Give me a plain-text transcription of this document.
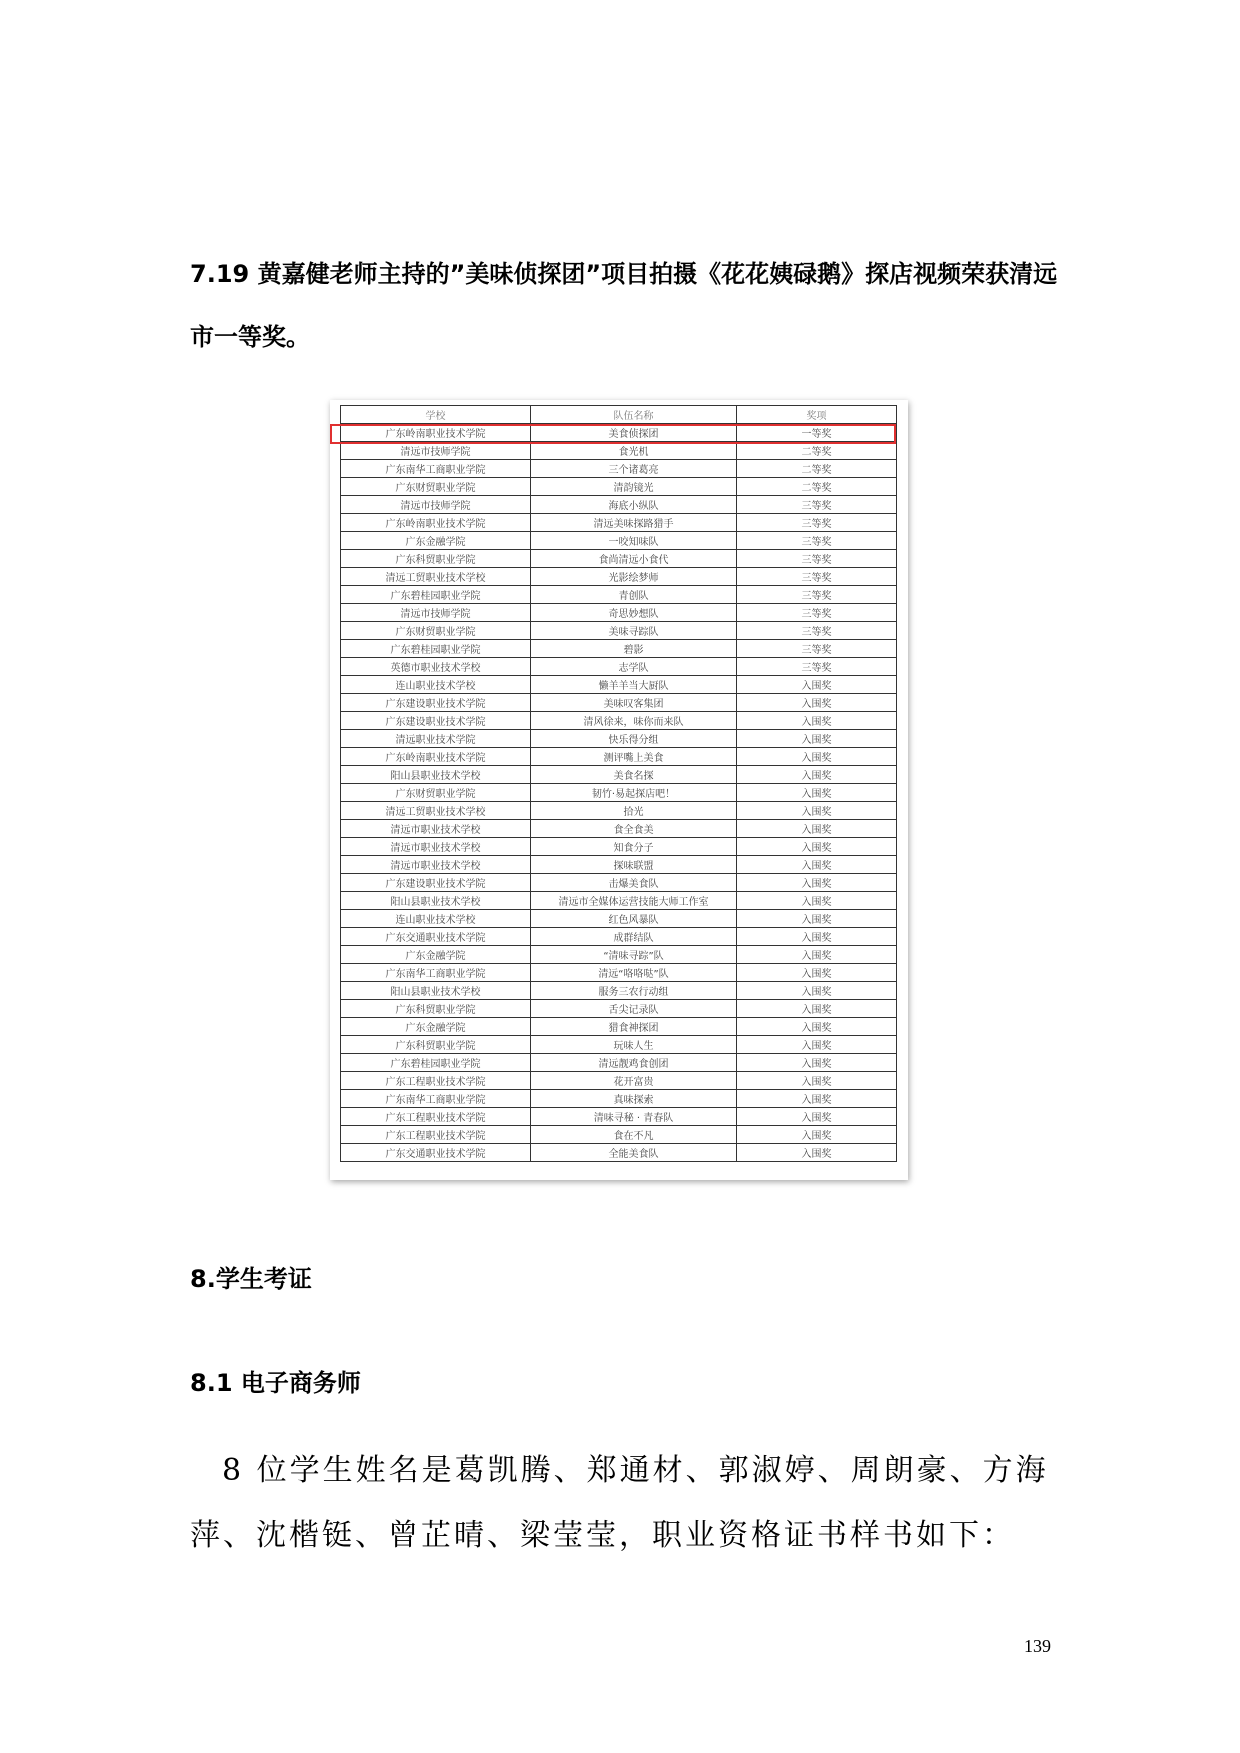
7.19 黄嘉健老师主持的”美味侦探团”项目拍摄《花花姨碌鹅》探店视频荣获清远市一等奖。
学校	队伍名称	奖项
广东岭南职业技术学院	美食侦探团	一等奖
清远市技师学院	食光机	二等奖
广东南华工商职业学院	三个诸葛亮	二等奖
广东财贸职业学院	清韵镜光	二等奖
清远市技师学院	海底小纵队	三等奖
广东岭南职业技术学院	清远美味探路猎手	三等奖
广东金融学院	一咬知味队	三等奖
广东科贸职业学院	食尚清远小食代	三等奖
清远工贸职业技术学校	光影绘梦师	三等奖
广东碧桂园职业学院	青创队	三等奖
清远市技师学院	奇思妙想队	三等奖
广东财贸职业学院	美味寻踪队	三等奖
广东碧桂园职业学院	碧影	三等奖
英德市职业技术学校	志学队	三等奖
连山职业技术学校	懒羊羊当大厨队	入围奖
广东建设职业技术学院	美味叹客集团	入围奖
广东建设职业技术学院	清风徐来，味你而来队	入围奖
清远职业技术学院	快乐得分组	入围奖
广东岭南职业技术学院	测评嘴上美食	入围奖
阳山县职业技术学校	美食名探	入围奖
广东财贸职业学院	韧竹·易起探店吧！	入围奖
清远工贸职业技术学校	拾光	入围奖
清远市职业技术学校	食全食美	入围奖
清远市职业技术学校	知食分子	入围奖
清远市职业技术学校	探味联盟	入围奖
广东建设职业技术学院	击爆美食队	入围奖
阳山县职业技术学校	清远市全媒体运营技能大师工作室	入围奖
连山职业技术学校	红色风暴队	入围奖
广东交通职业技术学院	成群结队	入围奖
广东金融学院	“清味寻踪”队	入围奖
广东南华工商职业学院	清远“咯咯哒”队	入围奖
阳山县职业技术学校	服务三农行动组	入围奖
广东科贸职业学院	舌尖记录队	入围奖
广东金融学院	猎食神探团	入围奖
广东科贸职业学院	玩味人生	入围奖
广东碧桂园职业学院	清远靓鸡食创团	入围奖
广东工程职业技术学院	花开富贵	入围奖
广东南华工商职业学院	真味探索	入围奖
广东工程职业技术学院	清味寻秘 · 青春队	入围奖
广东工程职业技术学院	食在不凡	入围奖
广东交通职业技术学院	全能美食队	入围奖
8.学生考证
8.1 电子商务师
8 位学生姓名是葛凯腾、郑通材、郭淑婷、周朗豪、方海萍、沈楷铤、曾芷晴、梁莹莹，职业资格证书样书如下：
139
